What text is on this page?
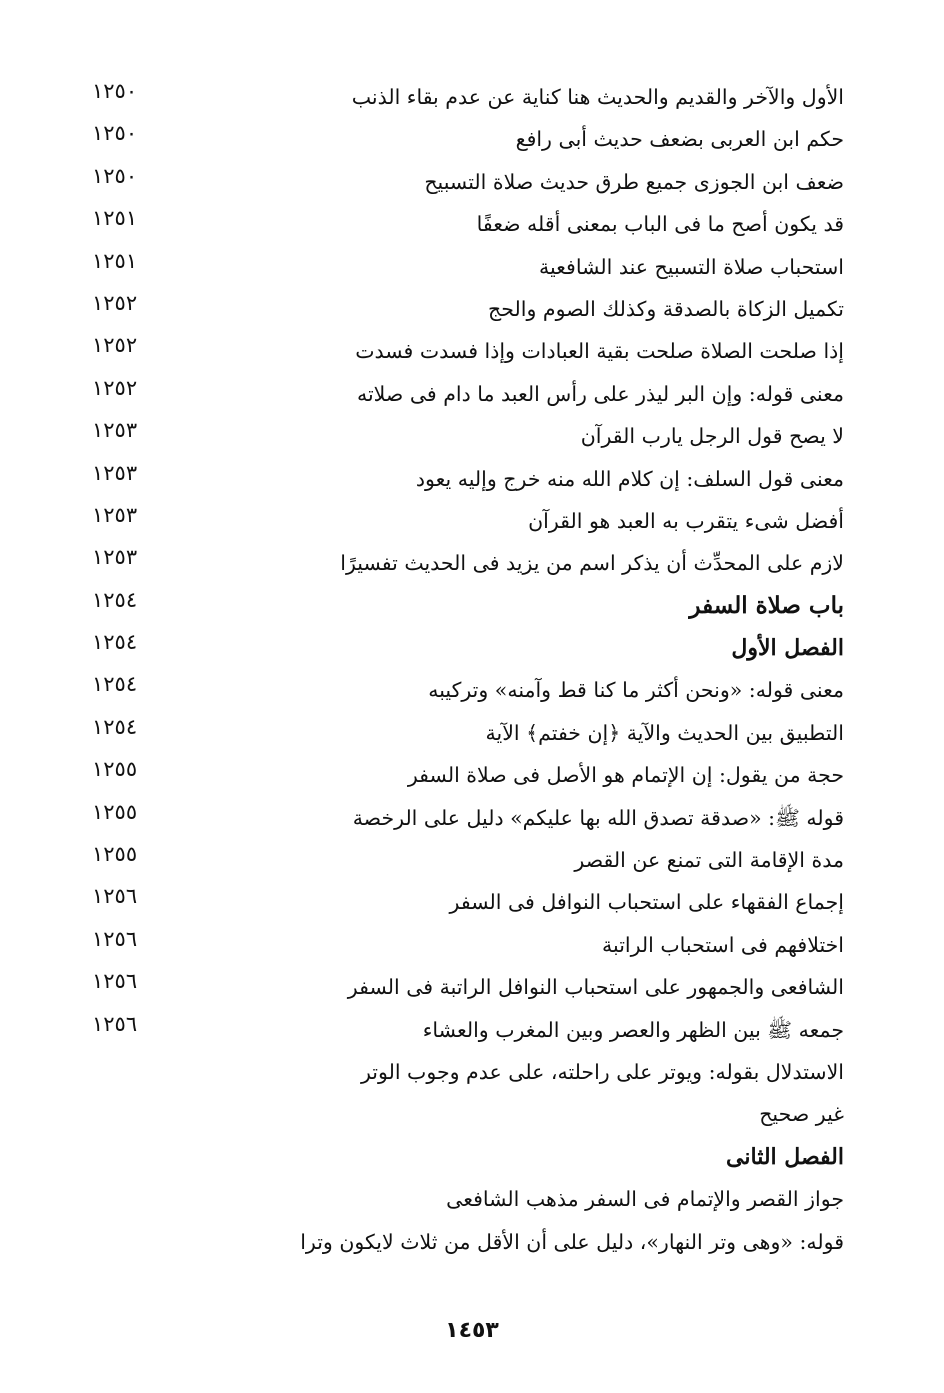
الأول والآخر والقديم والحديث هنا كناية عن عدم بقاء الذنب
حكم ابن العربى بضعف حديث أبى رافع
ضعف ابن الجوزى جميع طرق حديث صلاة التسبيح
قد يكون أصح ما فى الباب بمعنى أقله ضعفًا
استحباب صلاة التسبيح عند الشافعية
تكميل الزكاة بالصدقة وكذلك الصوم والحج
إذا صلحت الصلاة صلحت بقية العبادات وإذا فسدت فسدت
معنى قوله: وإن البر ليذر على رأس العبد ما دام فى صلاته
لا يصح قول الرجل يارب القرآن
معنى قول السلف: إن كلام الله منه خرج وإليه يعود
أفضل شىء يتقرب به العبد هو القرآن
لازم على المحدِّث أن يذكر اسم من يزيد فى الحديث تفسيرًا
باب صلاة السفر
الفصل الأول
معنى قوله: «ونحن أكثر ما كنا قط وآمنه» وتركيبه
التطبيق بين الحديث والآية ﴿إن خفتم﴾ الآية
حجة من يقول: إن الإتمام هو الأصل فى صلاة السفر
قوله ﷺ: «صدقة تصدق الله بها عليكم» دليل على الرخصة
مدة الإقامة التى تمنع عن القصر
إجماع الفقهاء على استحباب النوافل فى السفر
اختلافهم فى استحباب الراتبة
الشافعى والجمهور على استحباب النوافل الراتبة فى السفر
جمعه ﷺ بين الظهر والعصر وبين المغرب والعشاء
الاستدلال بقوله: ويوتر على راحلته، على عدم وجوب الوتر
غير صحيح
الفصل الثانى
جواز القصر والإتمام فى السفر مذهب الشافعى
قوله: «وهى وتر النهار»، دليل على أن الأقل من ثلاث لايكون وترا
١٢٥٠
١٢٥٠
١٢٥٠
١٢٥١
١٢٥١
١٢٥٢
١٢٥٢
١٢٥٢
١٢٥٣
١٢٥٣
١٢٥٣
١٢٥٣
١٢٥٤
١٢٥٤
١٢٥٤
١٢٥٤
١٢٥٥
١٢٥٥
١٢٥٥
١٢٥٦
١٢٥٦
١٢٥٦
١٢٥٦
١٤٥٣
